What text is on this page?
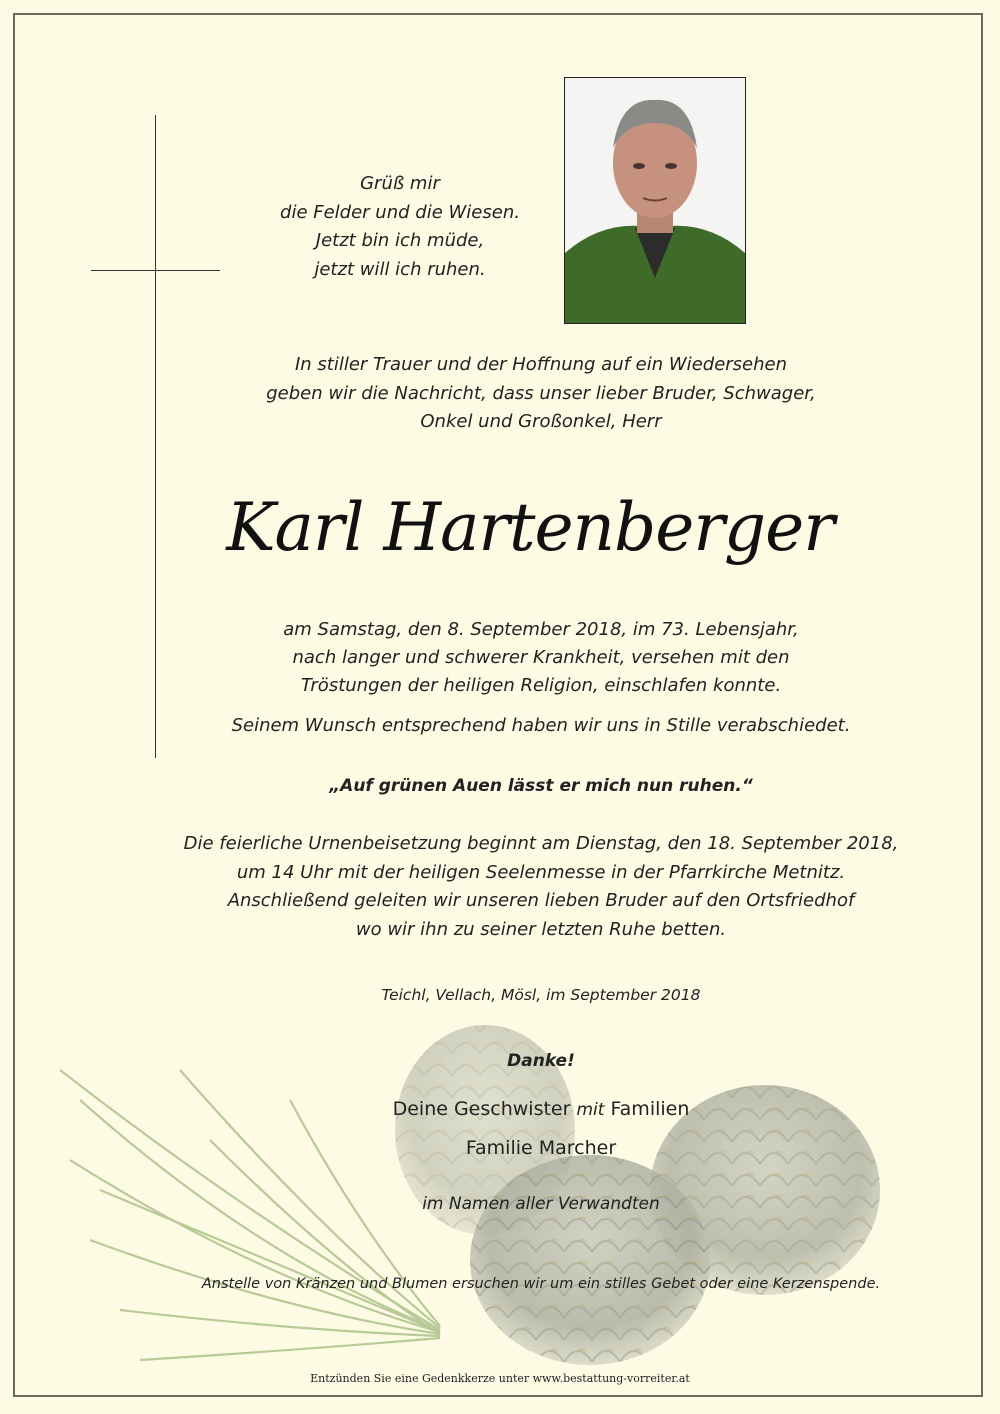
Grüß mir
die Felder und die Wiesen.
Jetzt bin ich müde,
jetzt will ich ruhen.
In stiller Trauer und der Hoffnung auf ein Wiedersehen
geben wir die Nachricht, dass unser lieber Bruder, Schwager,
Onkel und Großonkel, Herr
Karl Hartenberger
am Samstag, den 8. September 2018, im 73. Lebensjahr,
nach langer und schwerer Krankheit, versehen mit den
Tröstungen der heiligen Religion, einschlafen konnte.
Seinem Wunsch entsprechend haben wir uns in Stille verabschiedet.
„Auf grünen Auen lässt er mich nun ruhen.“
Die feierliche Urnenbeisetzung beginnt am Dienstag, den 18. September 2018,
um 14 Uhr mit der heiligen Seelenmesse in der Pfarrkirche Metnitz.
Anschließend geleiten wir unseren lieben Bruder auf den Ortsfriedhof
wo wir ihn zu seiner letzten Ruhe betten.
Teichl, Vellach, Mösl, im September 2018
Danke!
Deine Geschwister mit Familien
Familie Marcher
im Namen aller Verwandten
Anstelle von Kränzen und Blumen ersuchen wir um ein stilles Gebet oder eine Kerzenspende.
Entzünden Sie eine Gedenkkerze unter www.bestattung-vorreiter.at
